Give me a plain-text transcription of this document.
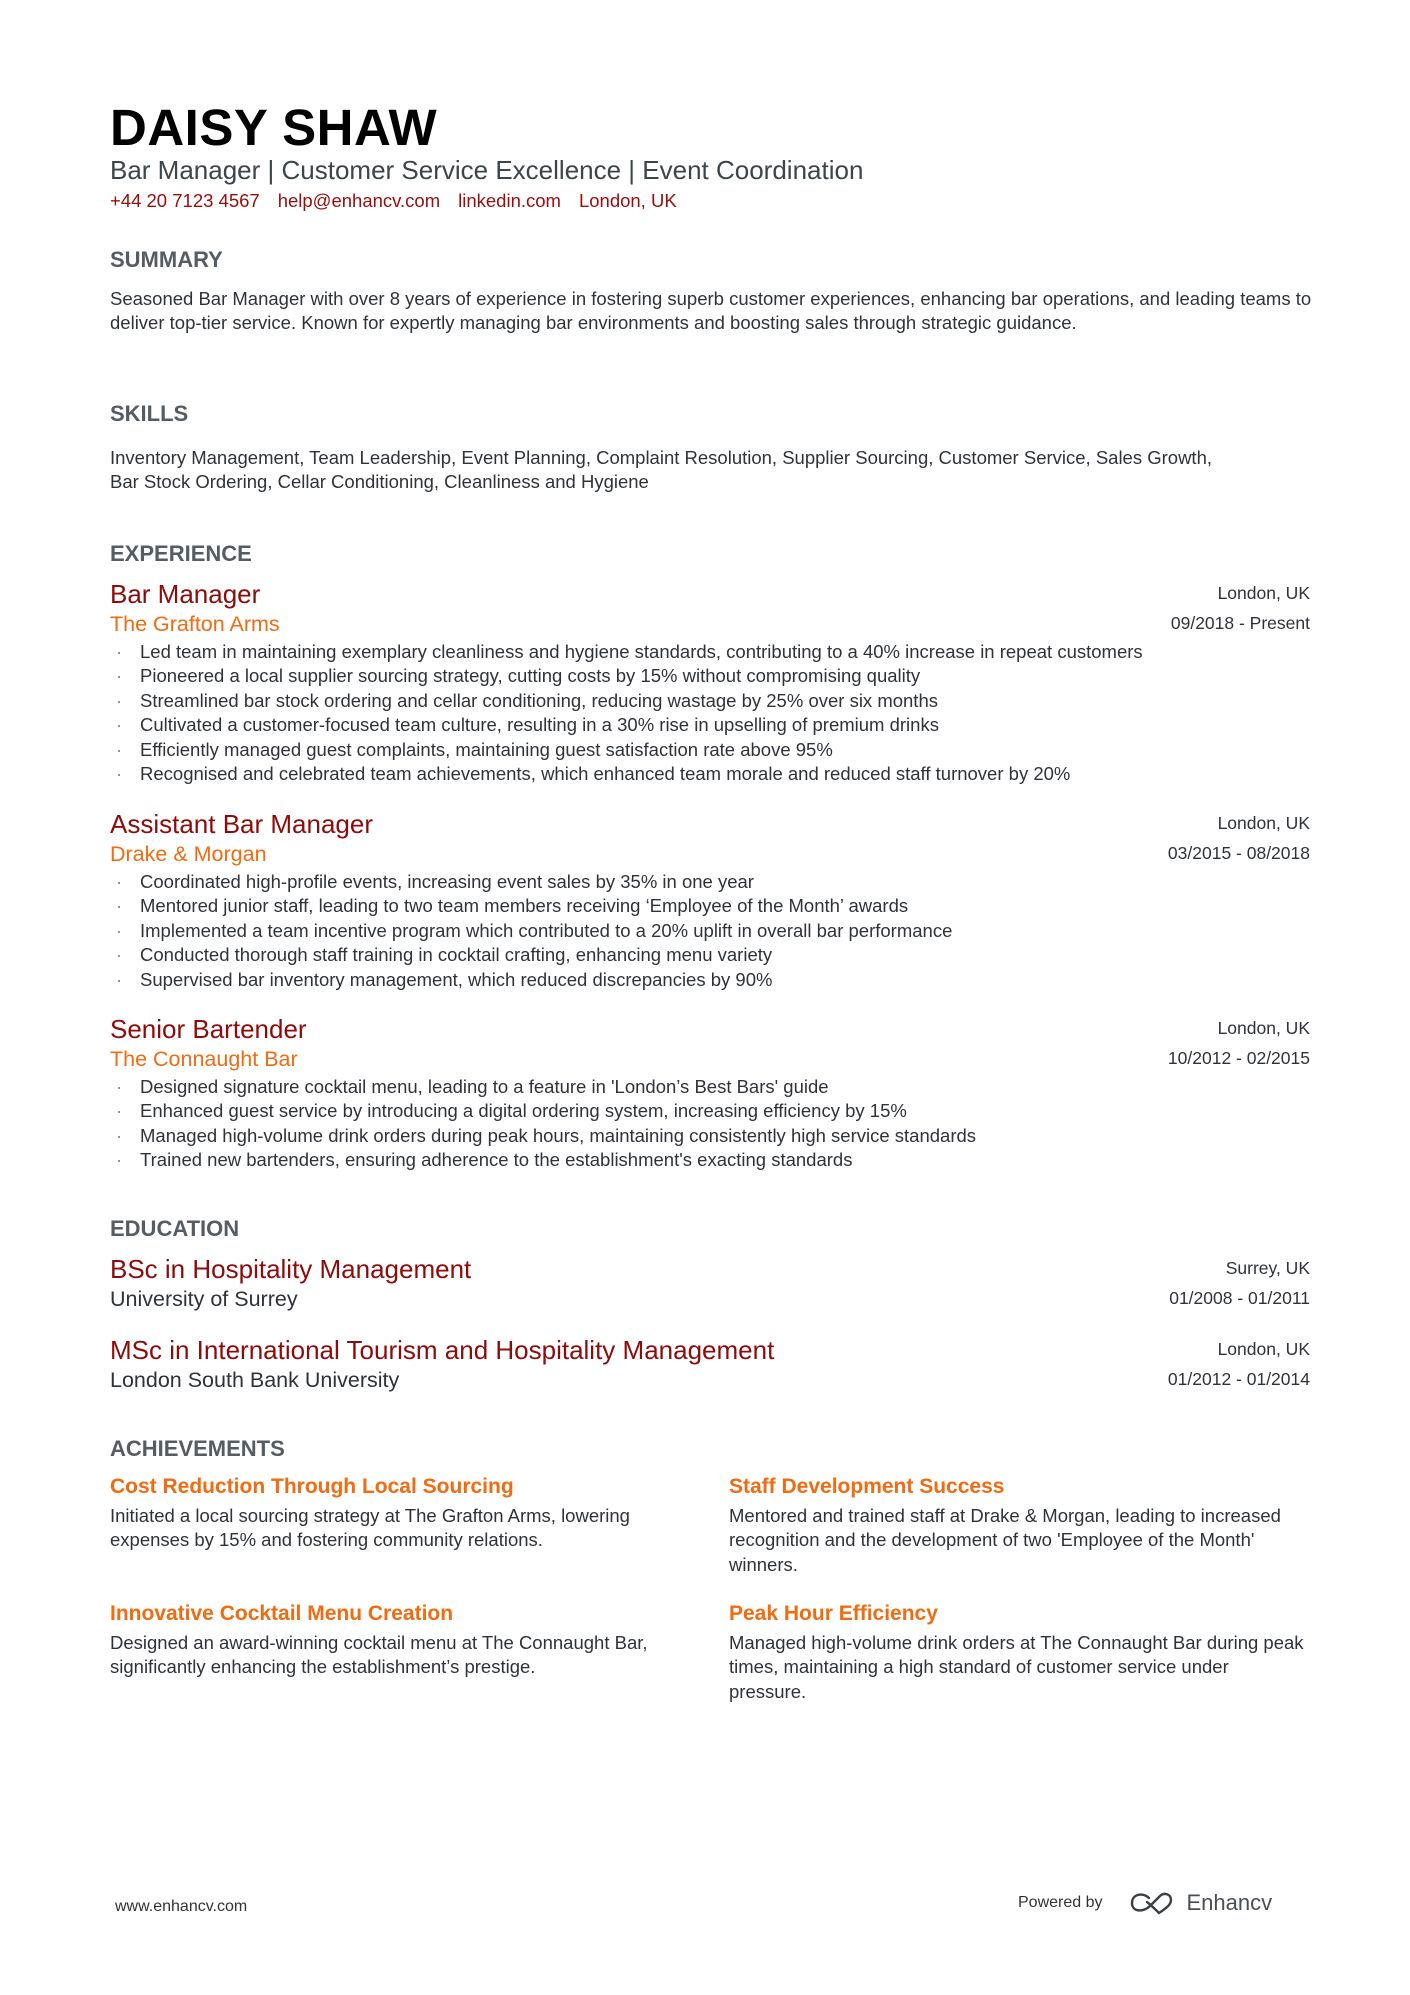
DAISY SHAW
Bar Manager | Customer Service Excellence | Event Coordination
+44 20 7123 4567 help@enhancv.com linkedin.com London, UK
SUMMARY
Seasoned Bar Manager with over 8 years of experience in fostering superb customer experiences, enhancing bar operations, and leading teams to deliver top-tier service. Known for expertly managing bar environments and boosting sales through strategic guidance.
SKILLS
Inventory Management, Team Leadership, Event Planning, Complaint Resolution, Supplier Sourcing, Customer Service, Sales Growth, Bar Stock Ordering, Cellar Conditioning, Cleanliness and Hygiene
EXPERIENCE
Bar Manager
The Grafton Arms
London, UK
09/2018 - Present
· Led team in maintaining exemplary cleanliness and hygiene standards, contributing to a 40% increase in repeat customers
· Pioneered a local supplier sourcing strategy, cutting costs by 15% without compromising quality
· Streamlined bar stock ordering and cellar conditioning, reducing wastage by 25% over six months
· Cultivated a customer-focused team culture, resulting in a 30% rise in upselling of premium drinks
· Efficiently managed guest complaints, maintaining guest satisfaction rate above 95%
· Recognised and celebrated team achievements, which enhanced team morale and reduced staff turnover by 20%
Assistant Bar Manager
Drake & Morgan
London, UK
03/2015 - 08/2018
· Coordinated high-profile events, increasing event sales by 35% in one year
· Mentored junior staff, leading to two team members receiving ‘Employee of the Month’ awards
· Implemented a team incentive program which contributed to a 20% uplift in overall bar performance
· Conducted thorough staff training in cocktail crafting, enhancing menu variety
· Supervised bar inventory management, which reduced discrepancies by 90%
Senior Bartender
The Connaught Bar
London, UK
10/2012 - 02/2015
· Designed signature cocktail menu, leading to a feature in 'London’s Best Bars' guide
· Enhanced guest service by introducing a digital ordering system, increasing efficiency by 15%
· Managed high-volume drink orders during peak hours, maintaining consistently high service standards
· Trained new bartenders, ensuring adherence to the establishment's exacting standards
EDUCATION
BSc in Hospitality Management
University of Surrey
Surrey, UK
01/2008 - 01/2011
MSc in International Tourism and Hospitality Management
London South Bank University
London, UK
01/2012 - 01/2014
ACHIEVEMENTS
Cost Reduction Through Local Sourcing
Initiated a local sourcing strategy at The Grafton Arms, lowering expenses by 15% and fostering community relations.
Staff Development Success
Mentored and trained staff at Drake & Morgan, leading to increased recognition and the development of two 'Employee of the Month' winners.
Innovative Cocktail Menu Creation
Designed an award-winning cocktail menu at The Connaught Bar, significantly enhancing the establishment’s prestige.
Peak Hour Efficiency
Managed high-volume drink orders at The Connaught Bar during peak times, maintaining a high standard of customer service under pressure.
www.enhancv.com	Powered by	Enhancv
